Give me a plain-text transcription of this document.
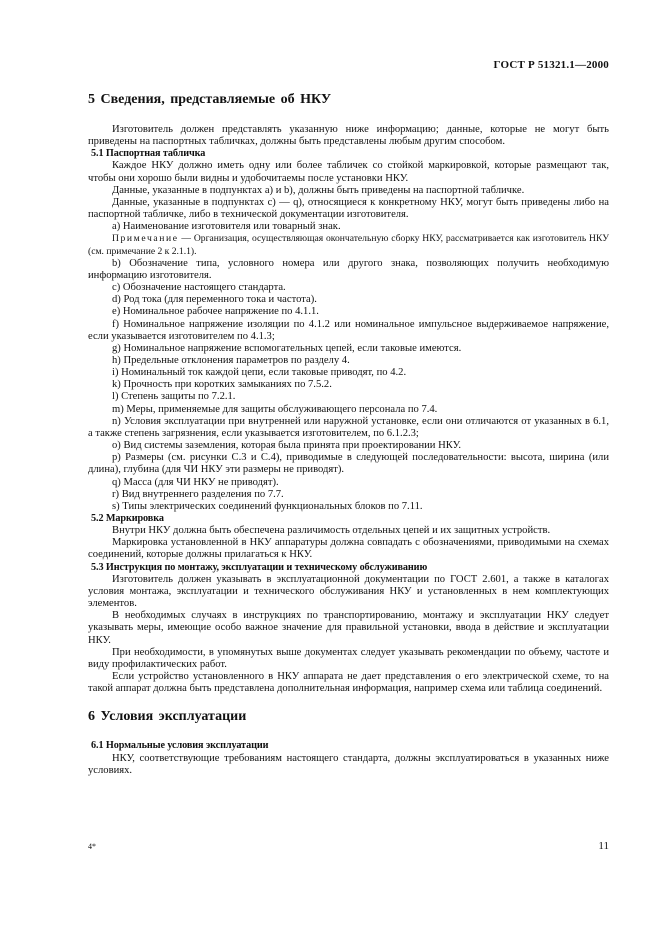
ГОСТ Р 51321.1—2000
5 Сведения, представляемые об НКУ

Изготовитель должен представлять указанную ниже информацию; данные, которые не могут быть приведены на паспортных табличках, должны быть представлены любым другим способом.

5.1 Паспортная табличка

Каждое НКУ должно иметь одну или более табличек со стойкой маркировкой, которые размещают так, чтобы они хорошо были видны и удобочитаемы после установки НКУ.

Данные, указанные в подпунктах a) и b), должны быть приведены на паспортной табличке.

Данные, указанные в подпунктах c) — q), относящиеся к конкретному НКУ, могут быть приведены либо на паспортной табличке, либо в технической документации изготовителя.

a) Наименование изготовителя или товарный знак.

Примечание — Организация, осуществляющая окончательную сборку НКУ, рассматривается как изготовитель НКУ (см. примечание 2 к 2.1.1).

b) Обозначение типа, условного номера или другого знака, позволяющих получить необходимую информацию изготовителя.

c) Обозначение настоящего стандарта.

d) Род тока (для переменного тока и частота).

e) Номинальное рабочее напряжение по 4.1.1.

f) Номинальное напряжение изоляции по 4.1.2 или номинальное импульсное выдерживаемое напряжение, если указывается изготовителем по 4.1.3;

g) Номинальное напряжение вспомогательных цепей, если таковые имеются.

h) Предельные отклонения параметров по разделу 4.

i) Номинальный ток каждой цепи, если таковые приводят, по 4.2.

k) Прочность при коротких замыканиях по 7.5.2.

l) Степень защиты по 7.2.1.

m) Меры, применяемые для защиты обслуживающего персонала по 7.4.

n) Условия эксплуатации при внутренней или наружной установке, если они отличаются от указанных в 6.1, а также степень загрязнения, если указывается изготовителем, по 6.1.2.3;

o) Вид системы заземления, которая была принята при проектировании НКУ.

p) Размеры (см. рисунки C.3 и C.4), приводимые в следующей последовательности: высота, ширина (или длина), глубина (для ЧИ НКУ эти размеры не приводят).

q) Масса (для ЧИ НКУ не приводят).

r) Вид внутреннего разделения по 7.7.

s) Типы электрических соединений функциональных блоков по 7.11.

5.2 Маркировка

Внутри НКУ должна быть обеспечена различимость отдельных цепей и их защитных устройств.

Маркировка установленной в НКУ аппаратуры должна совпадать с обозначениями, приводимыми на схемах соединений, которые должны прилагаться к НКУ.

5.3 Инструкция по монтажу, эксплуатации и техническому обслуживанию

Изготовитель должен указывать в эксплуатационной документации по ГОСТ 2.601, а также в каталогах условия монтажа, эксплуатации и технического обслуживания НКУ и установленных в нем комплектующих элементов.

В необходимых случаях в инструкциях по транспортированию, монтажу и эксплуатации НКУ следует указывать меры, имеющие особо важное значение для правильной установки, ввода в действие и эксплуатации НКУ.

При необходимости, в упомянутых выше документах следует указывать рекомендации по объему, частоте и виду профилактических работ.

Если устройство установленного в НКУ аппарата не дает представления о его электрической схеме, то на такой аппарат должна быть представлена дополнительная информация, например схема или таблица соединений.

6 Условия эксплуатации
6.1 Нормальные условия эксплуатации

НКУ, соответствующие требованиям настоящего стандарта, должны эксплуатироваться в указанных ниже условиях.

4*	11
